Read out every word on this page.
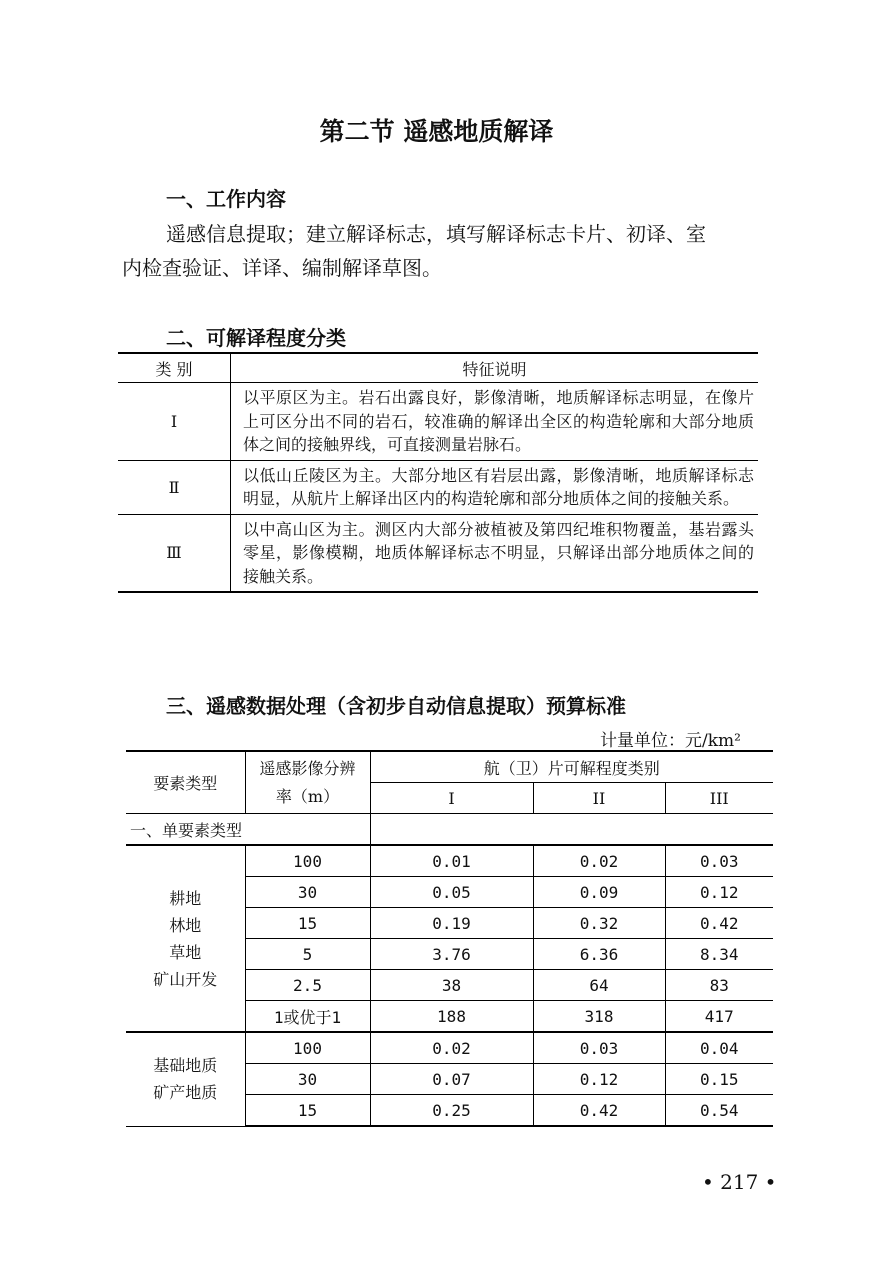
第二节 遥感地质解译
一、工作内容
遥感信息提取；建立解译标志，填写解译标志卡片、初译、室
内检查验证、详译、编制解译草图。
二、可解译程度分类
类 别	特征说明
Ⅰ	以平原区为主。岩石出露良好，影像清晰，地质解译标志明显，在像片上可区分出不同的岩石，较准确的解译出全区的构造轮廓和大部分地质体之间的接触界线，可直接测量岩脉石。
Ⅱ	以低山丘陵区为主。大部分地区有岩层出露，影像清晰，地质解译标志明显，从航片上解译出区内的构造轮廓和部分地质体之间的接触关系。
Ⅲ	以中高山区为主。测区内大部分被植被及第四纪堆积物覆盖，基岩露头零星，影像模糊，地质体解译标志不明显，只解译出部分地质体之间的接触关系。
三、遥感数据处理（含初步自动信息提取）预算标准
计量单位：元/km²
要素类型	遥感影像分辨率（m）	航（卫）片可解程度类别		
		I	II	III
一、单要素类型				

耕地
林地
草地
矿山开发	100	0.01	0.02	0.03
	30	0.05	0.09	0.12
	15	0.19	0.32	0.42
	5	3.76	6.36	8.34
	2.5	38	64	83
	1或优于1	188	318	417

基础地质
矿产地质	100	0.02	0.03	0.04
	30	0.07	0.12	0.15
	15	0.25	0.42	0.54
• 217 •
